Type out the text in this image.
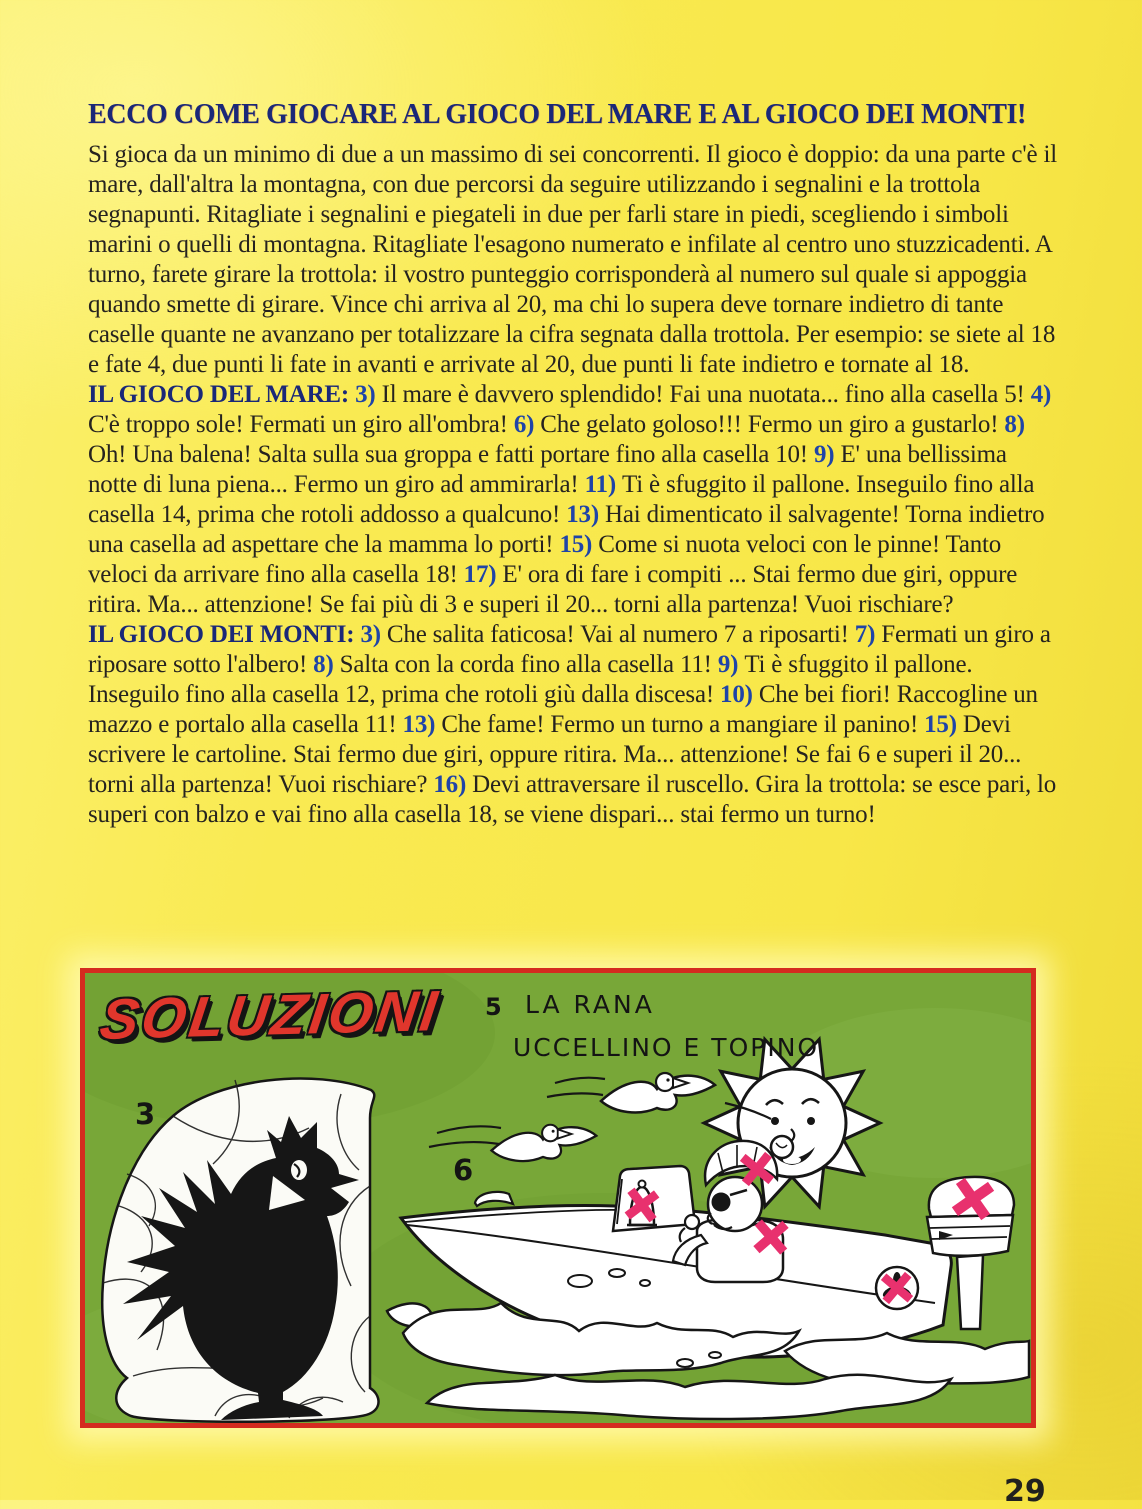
ECCO COME GIOCARE AL GIOCO DEL MARE E AL GIOCO DEI MONTI!

Si gioca da un minimo di due a un massimo di sei concorrenti. Il gioco è doppio: da una parte c'è il mare, dall'altra la montagna, con due percorsi da seguire utilizzando i segnalini e la trottola segnapunti. Ritagliate i segnalini e piegateli in due per farli stare in piedi, scegliendo i simboli marini o quelli di montagna. Ritagliate l'esagono numerato e infilate al centro uno stuzzicadenti. A turno, farete girare la trottola: il vostro punteggio corrisponderà al numero sul quale si appoggia quando smette di girare. Vince chi arriva al 20, ma chi lo supera deve tornare indietro di tante caselle quante ne avanzano per totalizzare la cifra segnata dalla trottola. Per esempio: se siete al 18 e fate 4, due punti li fate in avanti e arrivate al 20, due punti li fate indietro e tornate al 18.

IL GIOCO DEL MARE: 3) Il mare è davvero splendido! Fai una nuotata... fino alla casella 5! 4) C'è troppo sole! Fermati un giro all'ombra! 6) Che gelato goloso!!! Fermo un giro a gustarlo! 8) Oh! Una balena! Salta sulla sua groppa e fatti portare fino alla casella 10! 9) E' una bellissima notte di luna piena... Fermo un giro ad ammirarla! 11) Ti è sfuggito il pallone. Inseguilo fino alla casella 14, prima che rotoli addosso a qualcuno! 13) Hai dimenticato il salvagente! Torna indietro una casella ad aspettare che la mamma lo porti! 15) Come si nuota veloci con le pinne! Tanto veloci da arrivare fino alla casella 18! 17) E' ora di fare i compiti ... Stai fermo due giri, oppure ritira. Ma... attenzione! Se fai più di 3 e superi il 20... torni alla partenza! Vuoi rischiare?

IL GIOCO DEI MONTI: 3) Che salita faticosa! Vai al numero 7 a riposarti! 7) Fermati un giro a riposare sotto l'albero! 8) Salta con la corda fino alla casella 11! 9) Ti è sfuggito il pallone. Inseguilo fino alla casella 12, prima che rotoli giù dalla discesa! 10) Che bei fiori! Raccogline un mazzo e portalo alla casella 11! 13) Che fame! Fermo un turno a mangiare il panino! 15) Devi scrivere le cartoline. Stai fermo due giri, oppure ritira. Ma... attenzione! Se fai 6 e superi il 20... torni alla partenza! Vuoi rischiare? 16) Devi attraversare il ruscello. Gira la trottola: se esce pari, lo superi con balzo e vai fino alla casella 18, se viene dispari... stai fermo un turno!

SOLUZIONI 5 LA RANA
UCCELLINO E TOPINO
3
6
29
